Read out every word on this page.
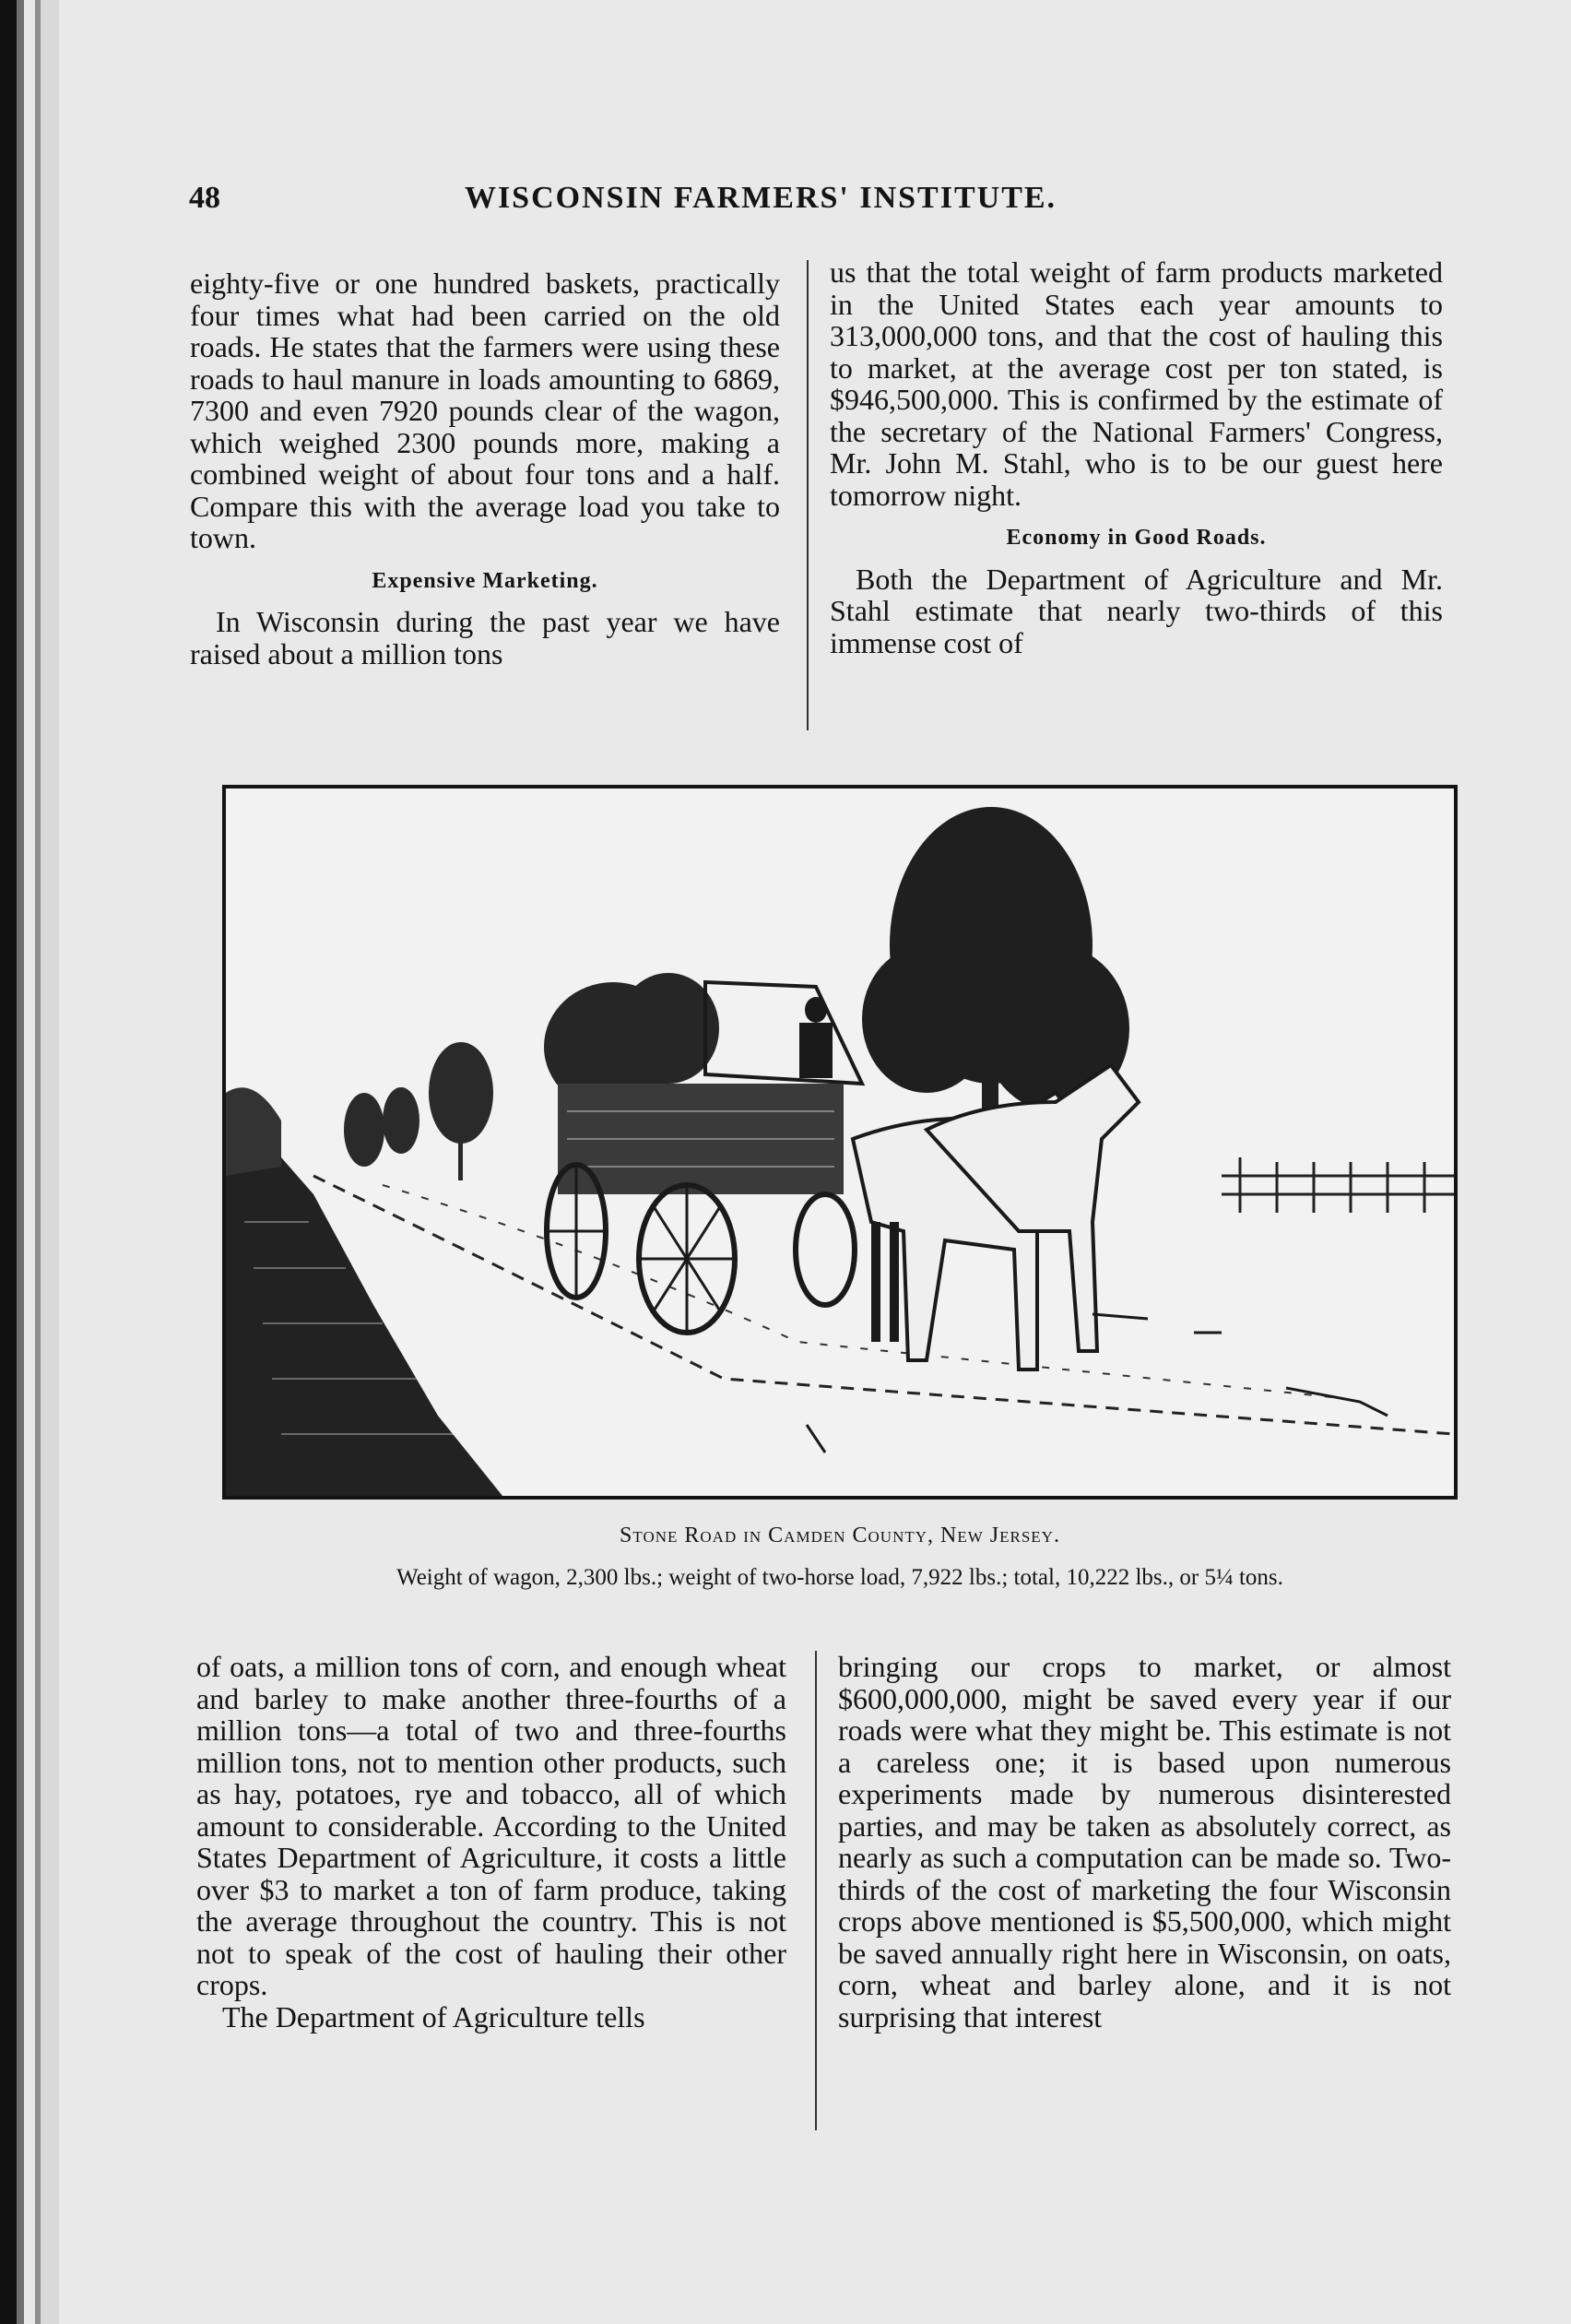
48	WISCONSIN FARMERS' INSTITUTE.

eighty-five or one hundred baskets, practically four times what had been carried on the old roads. He states that the farmers were using these roads to haul manure in loads amounting to 6869, 7300 and even 7920 pounds clear of the wagon, which weighed 2300 pounds more, making a combined weight of about four tons and a half. Compare this with the average load you take to town.

Expensive Marketing.

In Wisconsin during the past year we have raised about a million tons

us that the total weight of farm products marketed in the United States each year amounts to 313,000,000 tons, and that the cost of hauling this to market, at the average cost per ton stated, is $946,500,000. This is confirmed by the estimate of the secretary of the National Farmers' Congress, Mr. John M. Stahl, who is to be our guest here tomorrow night.

Economy in Good Roads.

Both the Department of Agriculture and Mr. Stahl estimate that nearly two-thirds of this immense cost of

Stone Road in Camden County, New Jersey.
Weight of wagon, 2,300 lbs.; weight of two-horse load, 7,922 lbs.; total, 10,222 lbs., or 5¼ tons.

of oats, a million tons of corn, and enough wheat and barley to make another three-fourths of a million tons—a total of two and three-fourths million tons, not to mention other products, such as hay, potatoes, rye and tobacco, all of which amount to considerable. According to the United States Department of Agriculture, it costs a little over $3 to market a ton of farm produce, taking the average throughout the country. This is not not to speak of the cost of hauling their other crops.

The Department of Agriculture tells

bringing our crops to market, or almost $600,000,000, might be saved every year if our roads were what they might be. This estimate is not a careless one; it is based upon numerous experiments made by numerous disinterested parties, and may be taken as absolutely correct, as nearly as such a computation can be made so. Two-thirds of the cost of marketing the four Wisconsin crops above mentioned is $5,500,000, which might be saved annually right here in Wisconsin, on oats, corn, wheat and barley alone, and it is not surprising that interest
